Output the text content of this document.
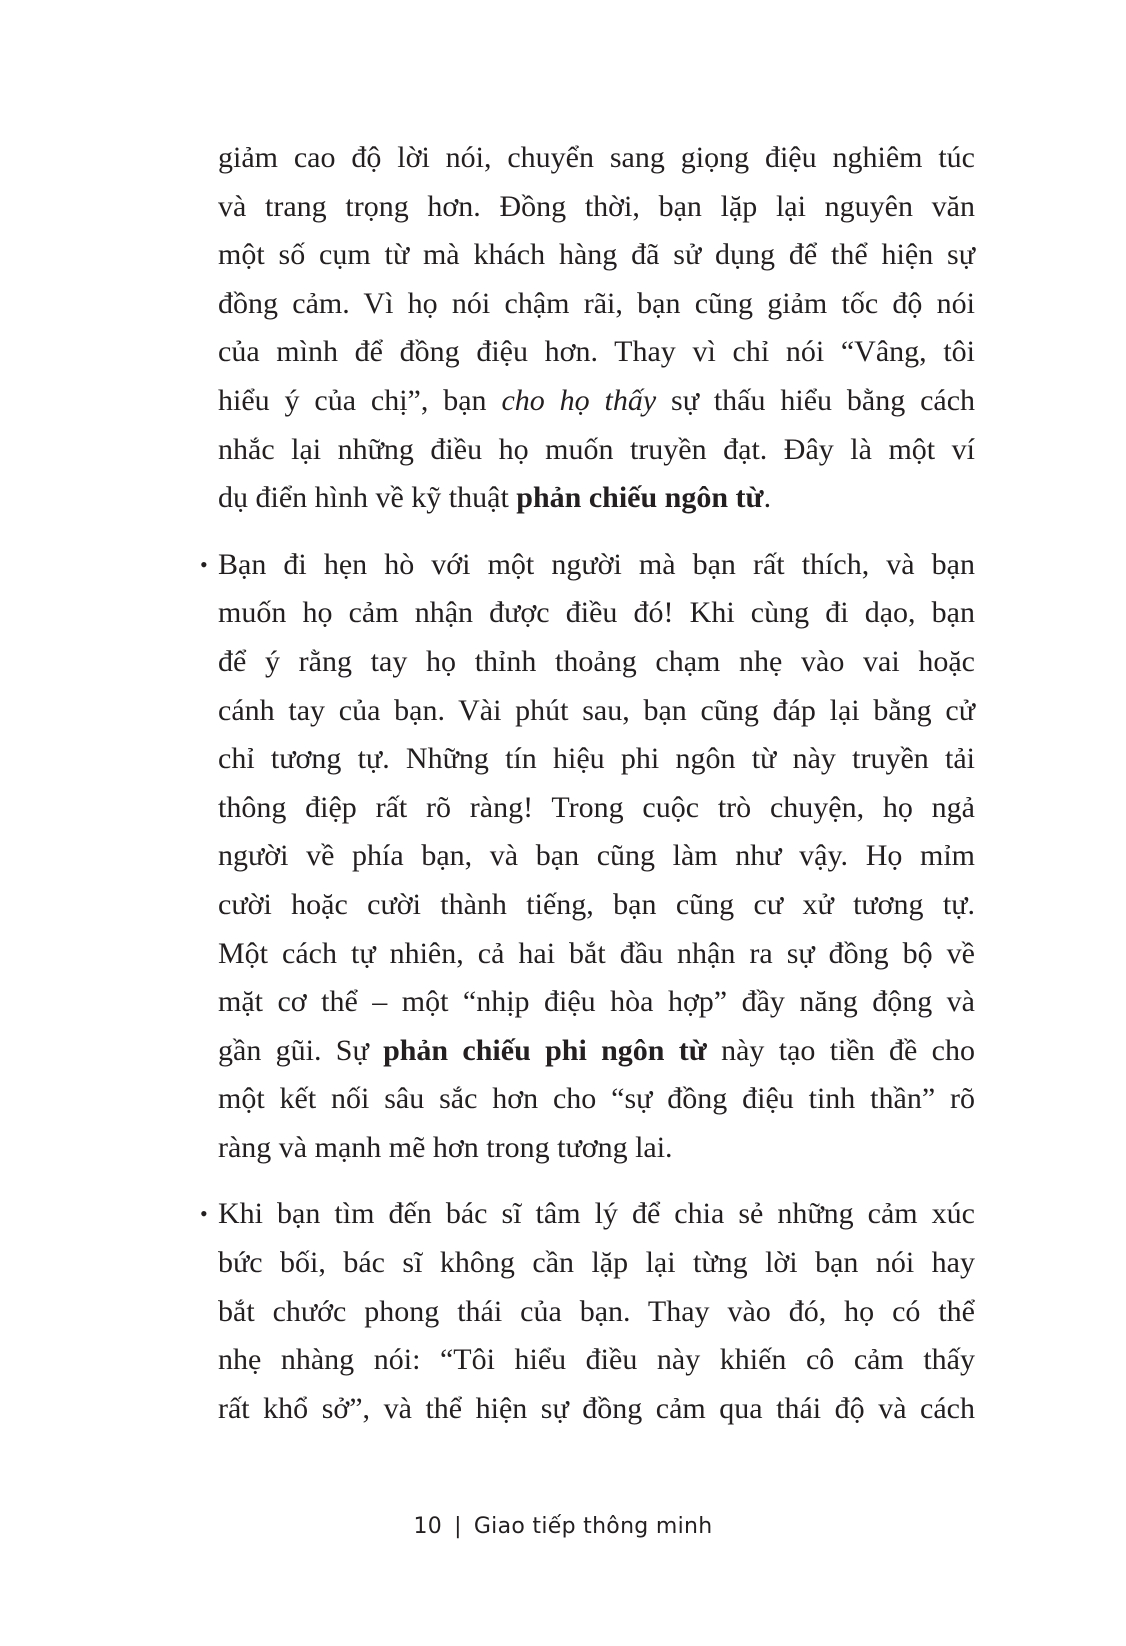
giảm cao độ lời nói, chuyển sang giọng điệu nghiêm túc
và trang trọng hơn. Đồng thời, bạn lặp lại nguyên văn
một số cụm từ mà khách hàng đã sử dụng để thể hiện sự
đồng cảm. Vì họ nói chậm rãi, bạn cũng giảm tốc độ nói
của mình để đồng điệu hơn. Thay vì chỉ nói “Vâng, tôi
hiểu ý của chị”, bạn cho họ thấy sự thấu hiểu bằng cách
nhắc lại những điều họ muốn truyền đạt. Đây là một ví
dụ điển hình về kỹ thuật phản chiếu ngôn từ.
• Bạn đi hẹn hò với một người mà bạn rất thích, và bạn
muốn họ cảm nhận được điều đó! Khi cùng đi dạo, bạn
để ý rằng tay họ thỉnh thoảng chạm nhẹ vào vai hoặc
cánh tay của bạn. Vài phút sau, bạn cũng đáp lại bằng cử
chỉ tương tự. Những tín hiệu phi ngôn từ này truyền tải
thông điệp rất rõ ràng! Trong cuộc trò chuyện, họ ngả
người về phía bạn, và bạn cũng làm như vậy. Họ mỉm
cười hoặc cười thành tiếng, bạn cũng cư xử tương tự.
Một cách tự nhiên, cả hai bắt đầu nhận ra sự đồng bộ về
mặt cơ thể – một “nhịp điệu hòa hợp” đầy năng động và
gần gũi. Sự phản chiếu phi ngôn từ này tạo tiền đề cho
một kết nối sâu sắc hơn cho “sự đồng điệu tinh thần” rõ
ràng và mạnh mẽ hơn trong tương lai.
• Khi bạn tìm đến bác sĩ tâm lý để chia sẻ những cảm xúc
bức bối, bác sĩ không cần lặp lại từng lời bạn nói hay
bắt chước phong thái của bạn. Thay vào đó, họ có thể
nhẹ nhàng nói: “Tôi hiểu điều này khiến cô cảm thấy
rất khổ sở”, và thể hiện sự đồng cảm qua thái độ và cách
10 | Giao tiếp thông minh
